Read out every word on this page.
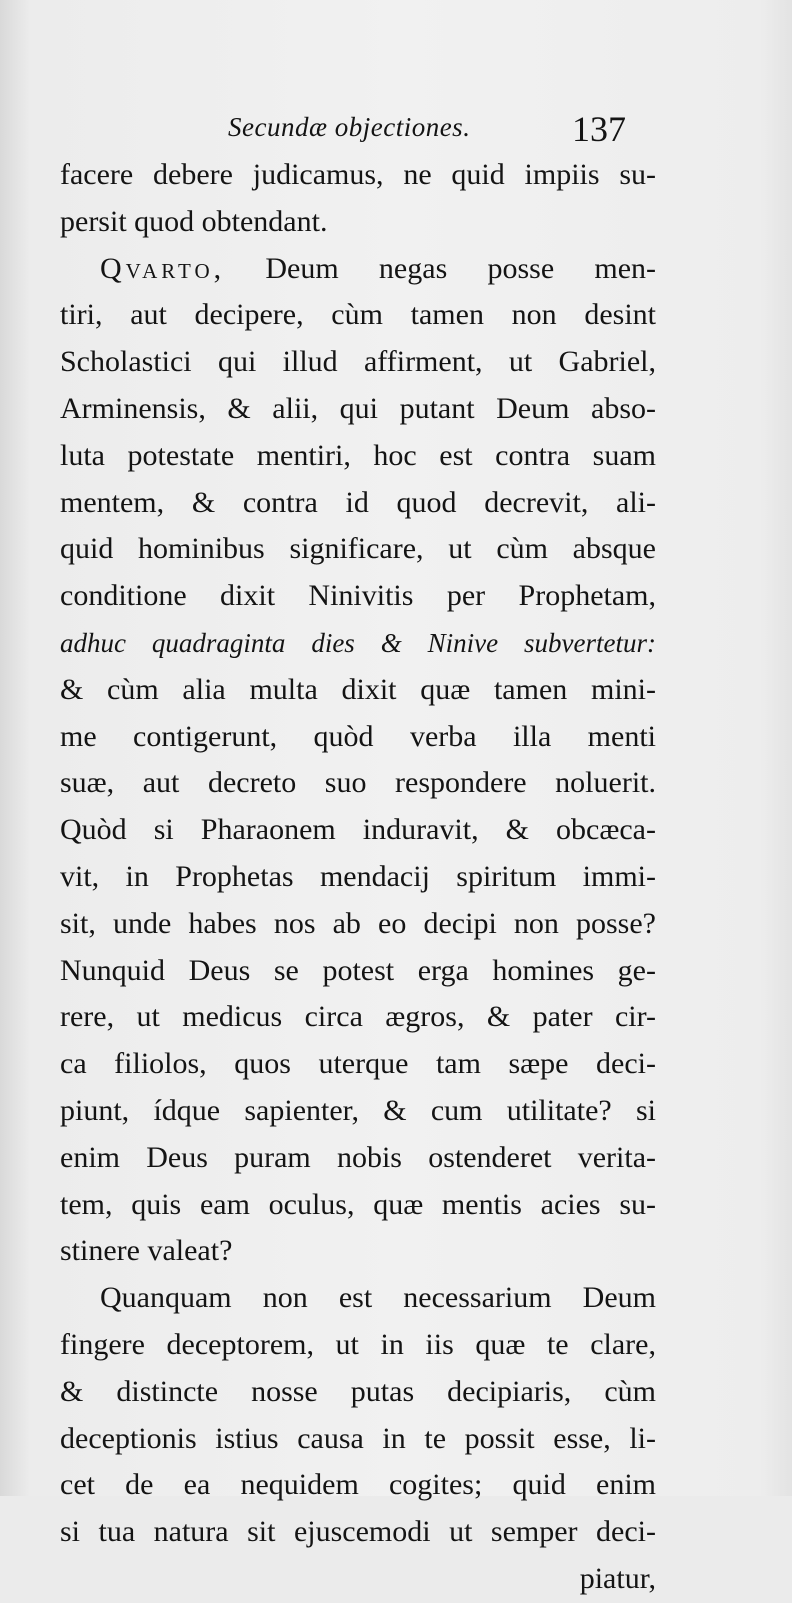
Secundæ objectiones.	137
facere debere judicamus, ne quid impiis su-
persit quod obtendant.
Qvarto, Deum negas posse men-
tiri, aut decipere, cùm tamen non desint
Scholastici qui illud affirment, ut Gabriel,
Arminensis, & alii, qui putant Deum abso-
luta potestate mentiri, hoc est contra suam
mentem, & contra id quod decrevit, ali-
quid hominibus significare, ut cùm absque
conditione dixit Ninivitis per Prophetam,
adhuc quadraginta dies & Ninive subvertetur:
& cùm alia multa dixit quæ tamen mini-
me contigerunt, quòd verba illa menti
suæ, aut decreto suo respondere noluerit.
Quòd si Pharaonem induravit, & obcæca-
vit, in Prophetas mendacij spiritum immi-
sit, unde habes nos ab eo decipi non posse?
Nunquid Deus se potest erga homines ge-
rere, ut medicus circa ægros, & pater cir-
ca filiolos, quos uterque tam sæpe deci-
piunt, ídque sapienter, & cum utilitate? si
enim Deus puram nobis ostenderet verita-
tem, quis eam oculus, quæ mentis acies su-
stinere valeat?
Quanquam non est necessarium Deum
fingere deceptorem, ut in iis quæ te clare,
& distincte nosse putas decipiaris, cùm
deceptionis istius causa in te possit esse, li-
cet de ea nequidem cogites; quid enim
si tua natura sit ejuscemodi ut semper deci-
piatur,
